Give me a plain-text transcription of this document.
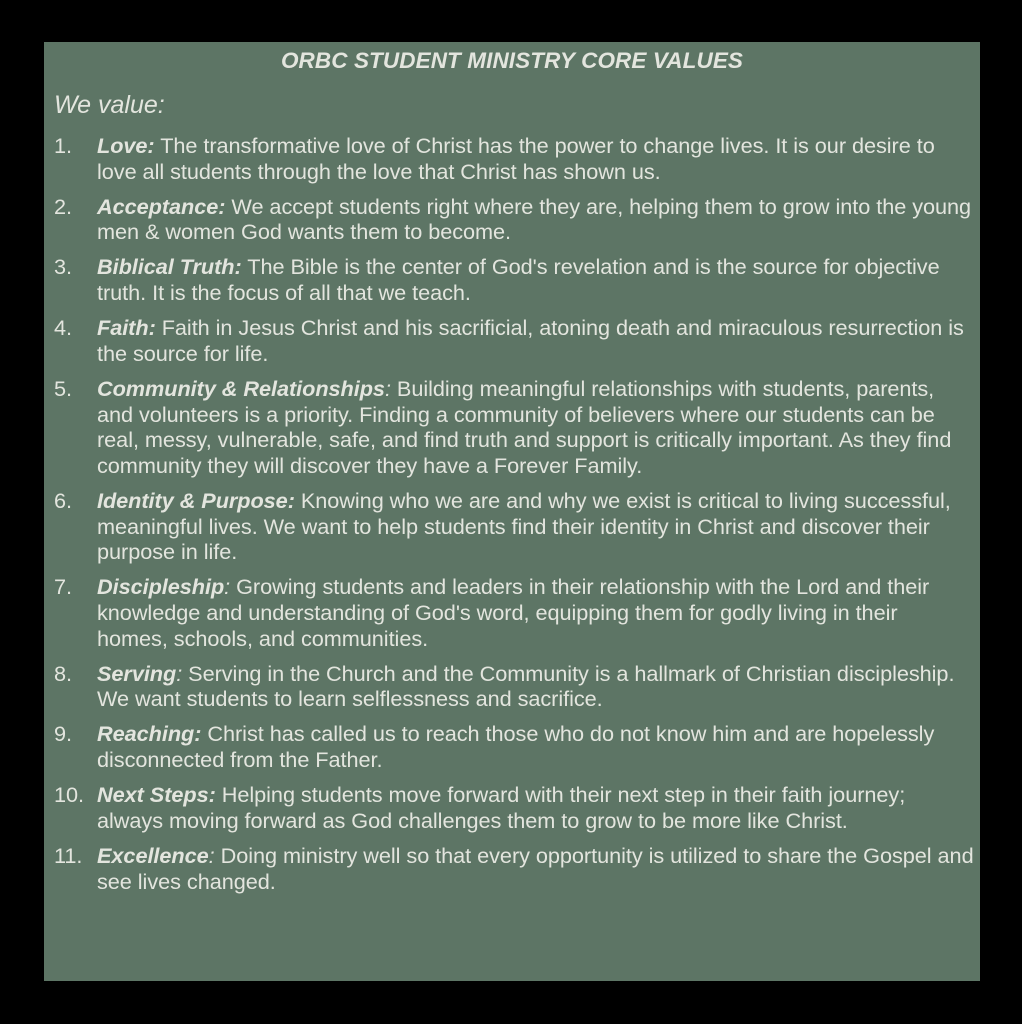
ORBC STUDENT MINISTRY CORE VALUES
We value:
1. Love: The transformative love of Christ has the power to change lives. It is our desire to love all students through the love that Christ has shown us.
2. Acceptance: We accept students right where they are, helping them to grow into the young men & women God wants them to become.
3. Biblical Truth: The Bible is the center of God's revelation and is the source for objective truth. It is the focus of all that we teach.
4. Faith: Faith in Jesus Christ and his sacrificial, atoning death and miraculous resurrection is the source for life.
5. Community & Relationships: Building meaningful relationships with students, parents, and volunteers is a priority. Finding a community of believers where our students can be real, messy, vulnerable, safe, and find truth and support is critically important. As they find community they will discover they have a Forever Family.
6. Identity & Purpose: Knowing who we are and why we exist is critical to living successful, meaningful lives. We want to help students find their identity in Christ and discover their purpose in life.
7. Discipleship: Growing students and leaders in their relationship with the Lord and their knowledge and understanding of God's word, equipping them for godly living in their homes, schools, and communities.
8. Serving: Serving in the Church and the Community is a hallmark of Christian discipleship. We want students to learn selflessness and sacrifice.
9. Reaching: Christ has called us to reach those who do not know him and are hopelessly disconnected from the Father.
10. Next Steps: Helping students move forward with their next step in their faith journey; always moving forward as God challenges them to grow to be more like Christ.
11. Excellence: Doing ministry well so that every opportunity is utilized to share the Gospel and see lives changed.
